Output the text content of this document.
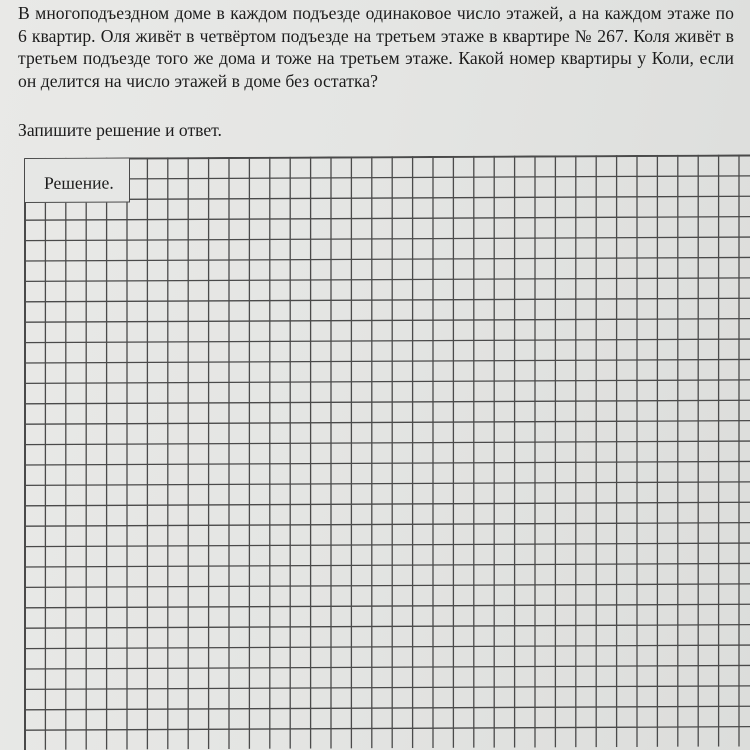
В многоподъездном доме в каждом подъезде одинаковое число этажей, а на каждом этаже по 6 квартир. Оля живёт в четвёртом подъезде на третьем этаже в квартире № 267. Коля живёт в третьем подъезде того же дома и тоже на третьем этаже. Какой номер квартиры у Коли, если он делится на число этажей в доме без остатка?
Запишите решение и ответ.
Решение.
